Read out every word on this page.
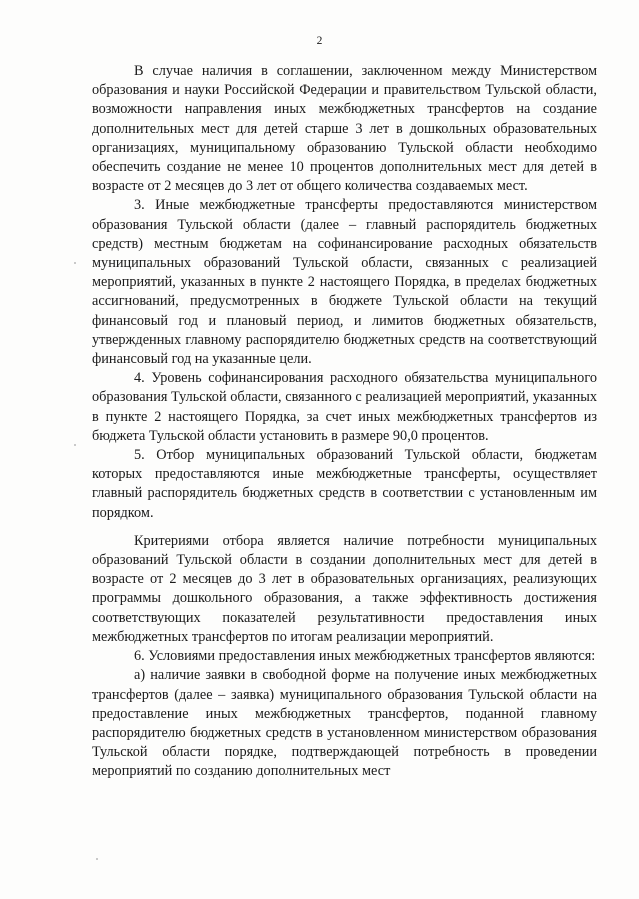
2

В случае наличия в соглашении, заключенном между Министерством образования и науки Российской Федерации и правительством Тульской области, возможности направления иных межбюджетных трансфертов на создание дополнительных мест для детей старше 3 лет в дошкольных образовательных организациях, муниципальному образованию Тульской области необходимо обеспечить создание не менее 10 процентов дополнительных мест для детей в возрасте от 2 месяцев до 3 лет от общего количества создаваемых мест.

3. Иные межбюджетные трансферты предоставляются министерством образования Тульской области (далее – главный распорядитель бюджетных средств) местным бюджетам на софинансирование расходных обязательств муниципальных образований Тульской области, связанных с реализацией мероприятий, указанных в пункте 2 настоящего Порядка, в пределах бюджетных ассигнований, предусмотренных в бюджете Тульской области на текущий финансовый год и плановый период, и лимитов бюджетных обязательств, утвержденных главному распорядителю бюджетных средств на соответствующий финансовый год на указанные цели.

4. Уровень софинансирования расходного обязательства муниципального образования Тульской области, связанного с реализацией мероприятий, указанных в пункте 2 настоящего Порядка, за счет иных межбюджетных трансфертов из бюджета Тульской области установить в размере 90,0 процентов.

5. Отбор муниципальных образований Тульской области, бюджетам которых предоставляются иные межбюджетные трансферты, осуществляет главный распорядитель бюджетных средств в соответствии с установленным им порядком.

Критериями отбора является наличие потребности муниципальных образований Тульской области в создании дополнительных мест для детей в возрасте от 2 месяцев до 3 лет в образовательных организациях, реализующих программы дошкольного образования, а также эффективность достижения соответствующих показателей результативности предоставления иных межбюджетных трансфертов по итогам реализации мероприятий.

6. Условиями предоставления иных межбюджетных трансфертов являются:

а) наличие заявки в свободной форме на получение иных межбюджетных трансфертов (далее – заявка) муниципального образования Тульской области на предоставление иных межбюджетных трансфертов, поданной главному распорядителю бюджетных средств в установленном министерством образования Тульской области порядке, подтверждающей потребность в проведении мероприятий по созданию дополнительных мест
